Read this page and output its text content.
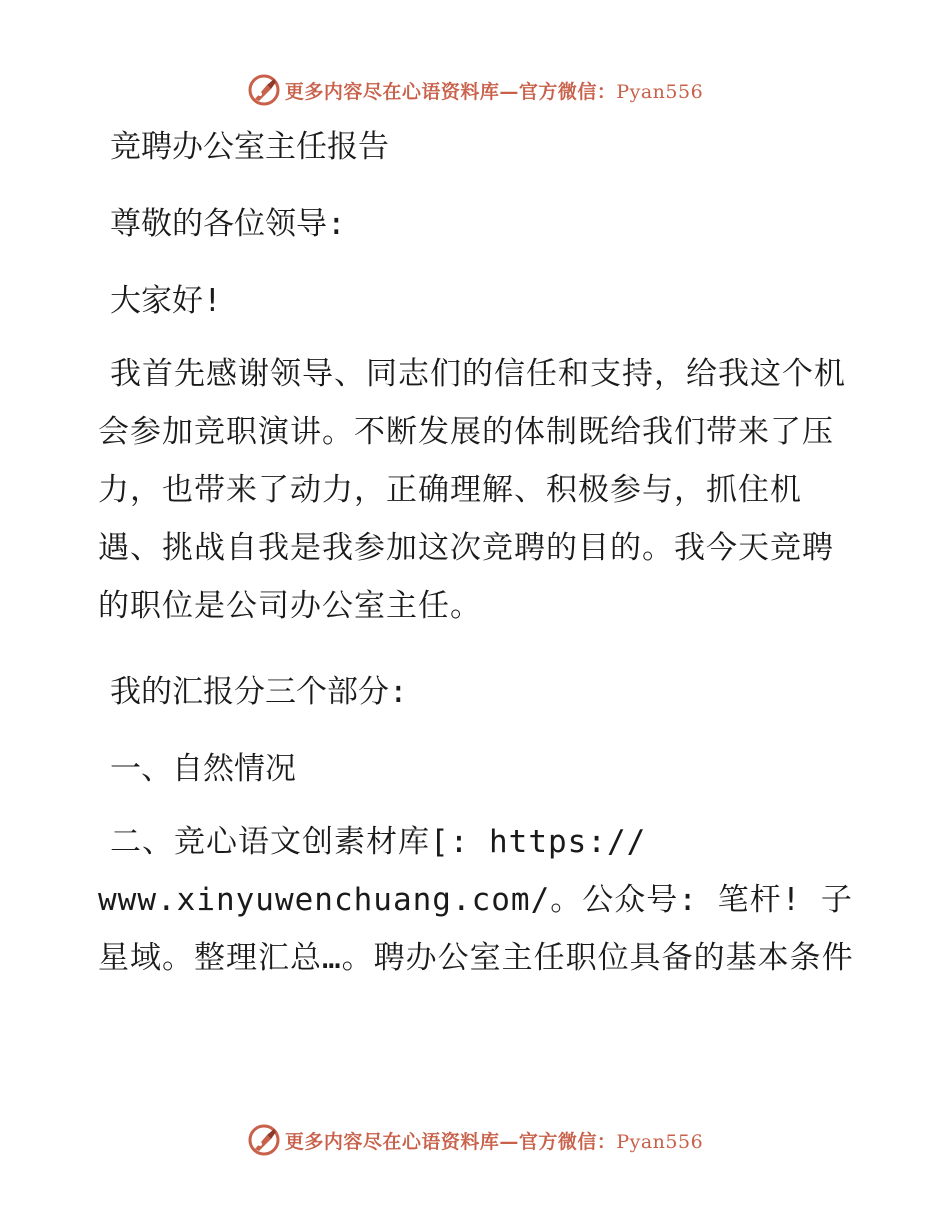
更多内容尽在心语资料库—官方微信：Pyan556

竞聘办公室主任报告

尊敬的各位领导:

大家好!

我首先感谢领导、同志们的信任和支持，给我这个机会参加竞职演讲。不断发展的体制既给我们带来了压力，也带来了动力，正确理解、积极参与，抓住机遇、挑战自我是我参加这次竞聘的目的。我今天竞聘的职位是公司办公室主任。

我的汇报分三个部分:

一、自然情况

二、竞心语文创素材库[: https:// www.xinyuwenchuang.com/。公众号: 笔杆! 子星域。整理汇总…。聘办公室主任职位具备的基本条件

更多内容尽在心语资料库—官方微信：Pyan556
